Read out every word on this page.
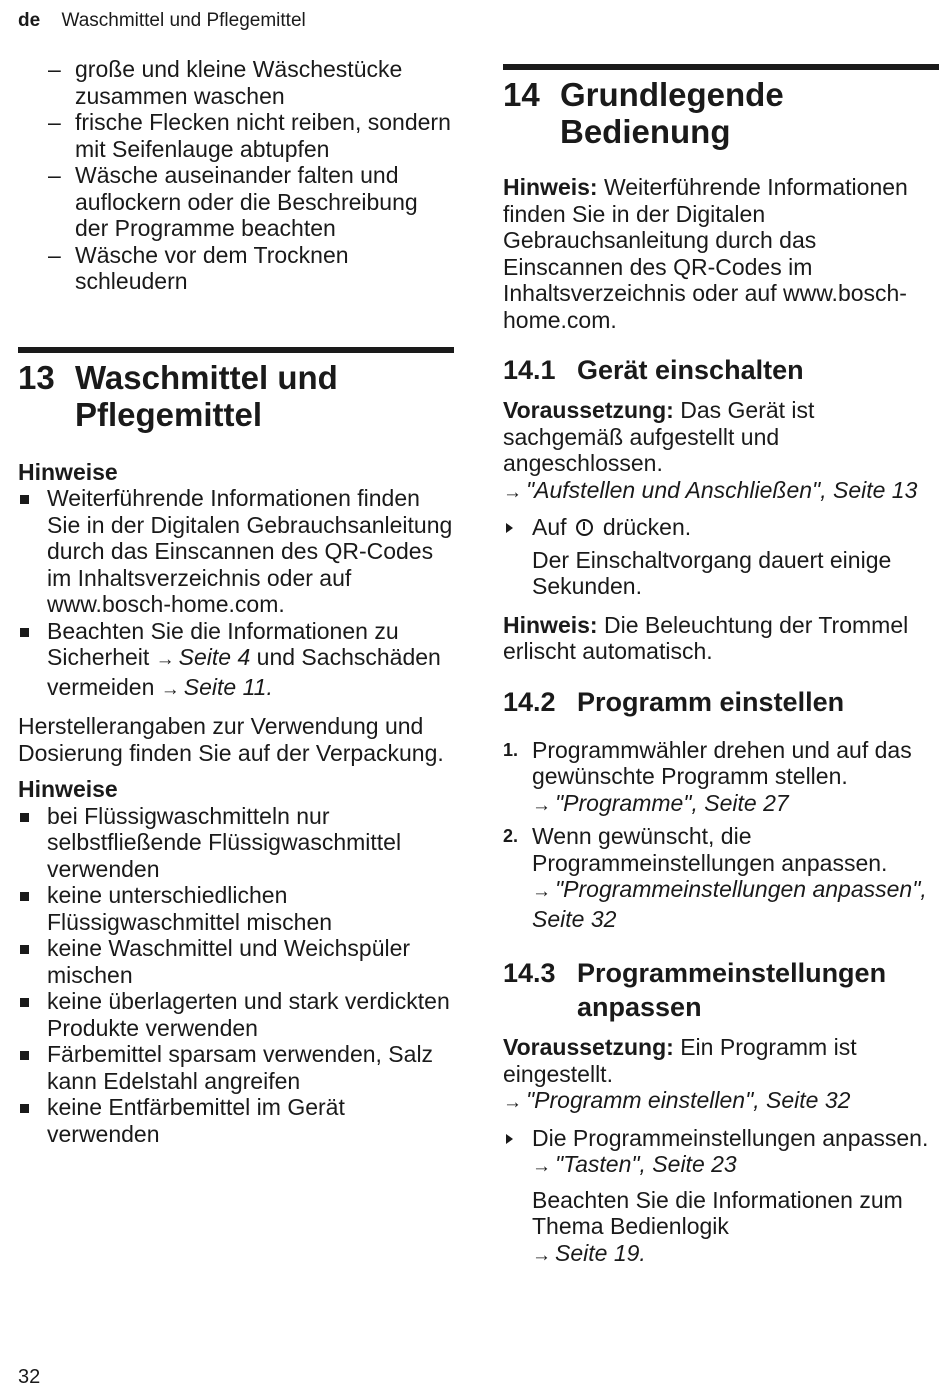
de Waschmittel und Pflegemittel
– große und kleine Wäschestücke zusammen waschen
– frische Flecken nicht reiben, sondern mit Seifenlauge abtupfen
– Wäsche auseinander falten und auflockern oder die Beschreibung der Programme beachten
– Wäsche vor dem Trocknen schleudern
13 Waschmittel und Pflegemittel

Hinweise

Weiterführende Informationen finden Sie in der Digitalen Gebrauchsanleitung durch das Einscannen des QR-Codes im Inhaltsverzeichnis oder auf www.bosch-home.com.
Beachten Sie die Informationen zu Sicherheit → Seite 4 und Sachschäden vermeiden → Seite 11.

Herstellerangaben zur Verwendung und Dosierung finden Sie auf der Verpackung.

Hinweise

bei Flüssigwaschmitteln nur selbstfließende Flüssigwaschmittel verwenden
keine unterschiedlichen Flüssigwaschmittel mischen
keine Waschmittel und Weichspüler mischen
keine überlagerten und stark verdickten Produkte verwenden
Färbemittel sparsam verwenden, Salz kann Edelstahl angreifen
keine Entfärbemittel im Gerät verwenden
14 Grundlegende Bedienung

Hinweis: Weiterführende Informationen finden Sie in der Digitalen Gebrauchsanleitung durch das Einscannen des QR-Codes im Inhaltsverzeichnis oder auf www.bosch-home.com.

14.1 Gerät einschalten

Voraussetzung: Das Gerät ist sachgemäß aufgestellt und angeschlossen.

→ "Aufstellen und Anschließen", Seite 13

Auf drücken.

Der Einschaltvorgang dauert einige Sekunden.

Hinweis: Die Beleuchtung der Trommel erlischt automatisch.

14.2 Programm einstellen
1. Programmwähler drehen und auf das gewünschte Programm stellen.
→ "Programme", Seite 27
2. Wenn gewünscht, die Programmeinstellungen anpassen.
→ "Programmeinstellungen anpassen", Seite 32
14.3 Programmeinstellungen anpassen

Voraussetzung: Ein Programm ist eingestellt.

→ "Programm einstellen", Seite 32

Die Programmeinstellungen anpassen.
→ "Tasten", Seite 23

Beachten Sie die Informationen zum Thema Bedienlogik
→ Seite 19.

32
